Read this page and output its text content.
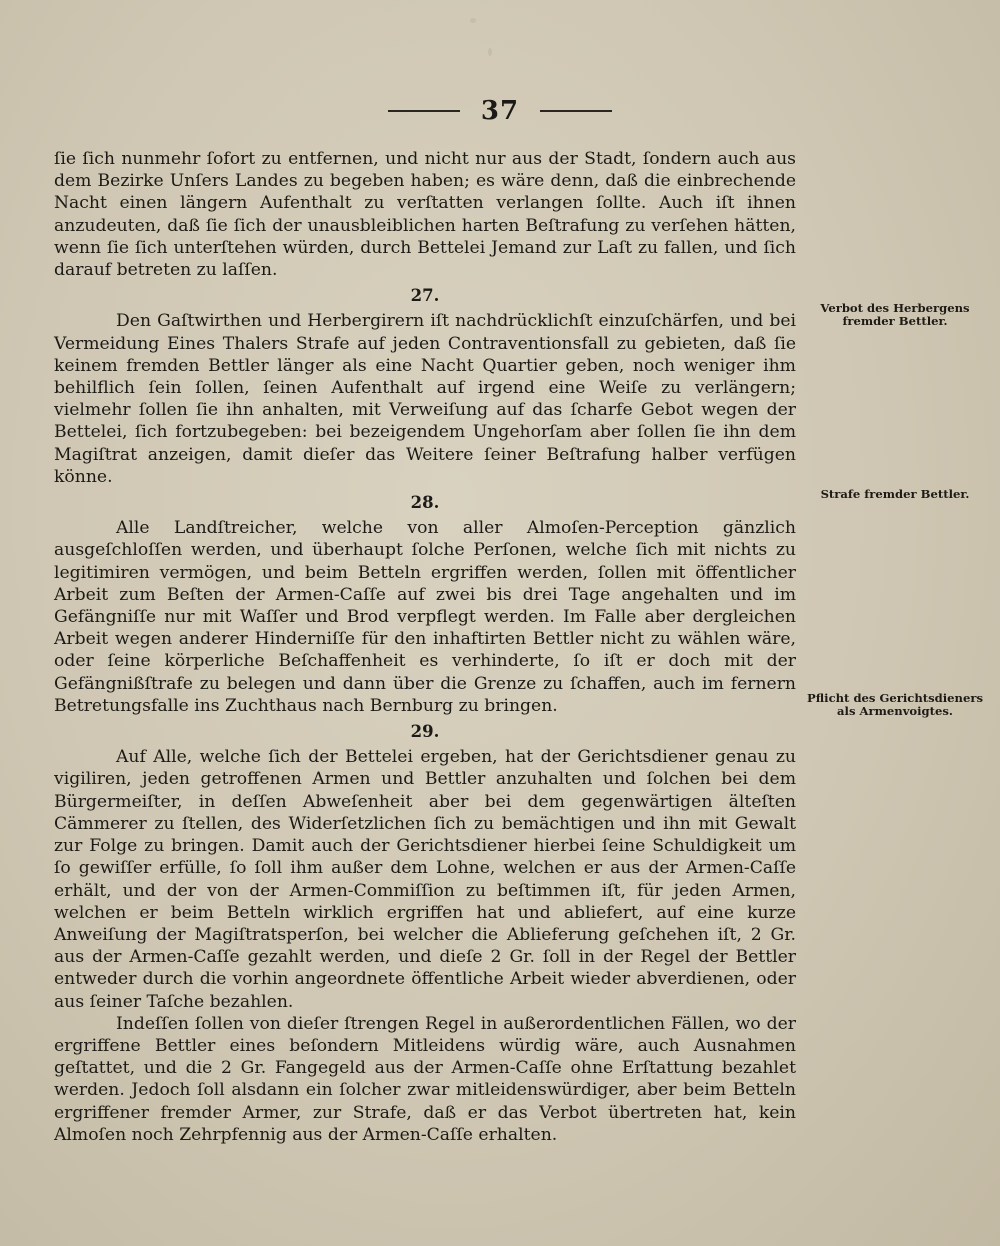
37

ſie ſich nunmehr ſofort zu entfernen, und nicht nur aus der Stadt, ſondern auch aus dem Bezirke Unſers Landes zu begeben haben; es wäre denn, daß die einbrechende Nacht einen längern Aufenthalt zu verſtatten verlangen ſollte. Auch iſt ihnen anzudeuten, daß ſie ſich der unausbleiblichen harten Beſtrafung zu verſehen hätten, wenn ſie ſich unterſtehen würden, durch Bettelei Jemand zur Laſt zu fallen, und ſich darauf betreten zu laſſen.

27.

Den Gaſtwirthen und Herbergirern iſt nachdrücklichſt einzuſchärfen, und bei Vermeidung Eines Thalers Strafe auf jeden Contraventionsfall zu gebieten, daß ſie keinem fremden Bettler länger als eine Nacht Quartier geben, noch weniger ihm behilflich ſein ſollen, ſeinen Aufenthalt auf irgend eine Weiſe zu verlängern; vielmehr ſollen ſie ihn anhalten, mit Verweiſung auf das ſcharfe Gebot wegen der Bettelei, ſich fortzubegeben: bei bezeigendem Ungehorſam aber ſollen ſie ihn dem Magiſtrat anzeigen, damit dieſer das Weitere ſeiner Beſtrafung halber verfügen könne.

28.

Alle Landſtreicher, welche von aller Almoſen-Perception gänzlich ausgeſchloſſen werden, und überhaupt ſolche Perſonen, welche ſich mit nichts zu legitimiren vermögen, und beim Betteln ergriffen werden, ſollen mit öffentlicher Arbeit zum Beſten der Armen-Caſſe auf zwei bis drei Tage angehalten und im Gefängniſſe nur mit Waſſer und Brod verpflegt werden. Im Falle aber dergleichen Arbeit wegen anderer Hinderniſſe für den inhaftirten Bettler nicht zu wählen wäre, oder ſeine körperliche Beſchaffenheit es verhinderte, ſo iſt er doch mit der Gefängnißſtrafe zu belegen und dann über die Grenze zu ſchaffen, auch im fernern Betretungsfalle ins Zuchthaus nach Bernburg zu bringen.

29.

Auf Alle, welche ſich der Bettelei ergeben, hat der Gerichtsdiener genau zu vigiliren, jeden getroffenen Armen und Bettler anzuhalten und ſolchen bei dem Bürgermeiſter, in deſſen Abweſenheit aber bei dem gegenwärtigen älteſten Cämmerer zu ſtellen, des Widerſetzlichen ſich zu bemächtigen und ihn mit Gewalt zur Folge zu bringen. Damit auch der Gerichtsdiener hierbei ſeine Schuldigkeit um ſo gewiſſer erfülle, ſo ſoll ihm außer dem Lohne, welchen er aus der Armen-Caſſe erhält, und der von der Armen-Commiſſion zu beſtimmen iſt, für jeden Armen, welchen er beim Betteln wirklich ergriffen hat und abliefert, auf eine kurze Anweiſung der Magiſtratsperſon, bei welcher die Ablieferung geſchehen iſt, 2 Gr. aus der Armen-Caſſe gezahlt werden, und dieſe 2 Gr. ſoll in der Regel der Bettler entweder durch die vorhin angeordnete öffentliche Arbeit wieder abverdienen, oder aus ſeiner Taſche bezahlen.

Indeſſen ſollen von dieſer ſtrengen Regel in außerordentlichen Fällen, wo der ergriffene Bettler eines beſondern Mitleidens würdig wäre, auch Ausnahmen geſtattet, und die 2 Gr. Fangegeld aus der Armen-Caſſe ohne Erſtattung bezahlet werden. Jedoch ſoll alsdann ein ſolcher zwar mitleidenswürdiger, aber beim Betteln ergriffener fremder Armer, zur Strafe, daß er das Verbot übertreten hat, kein Almoſen noch Zehrpfennig aus der Armen-Caſſe erhalten.

Verbot des Herbergens fremder Bettler.
Strafe fremder Bettler.
Pflicht des Gerichtsdieners als Armenvoigtes.
